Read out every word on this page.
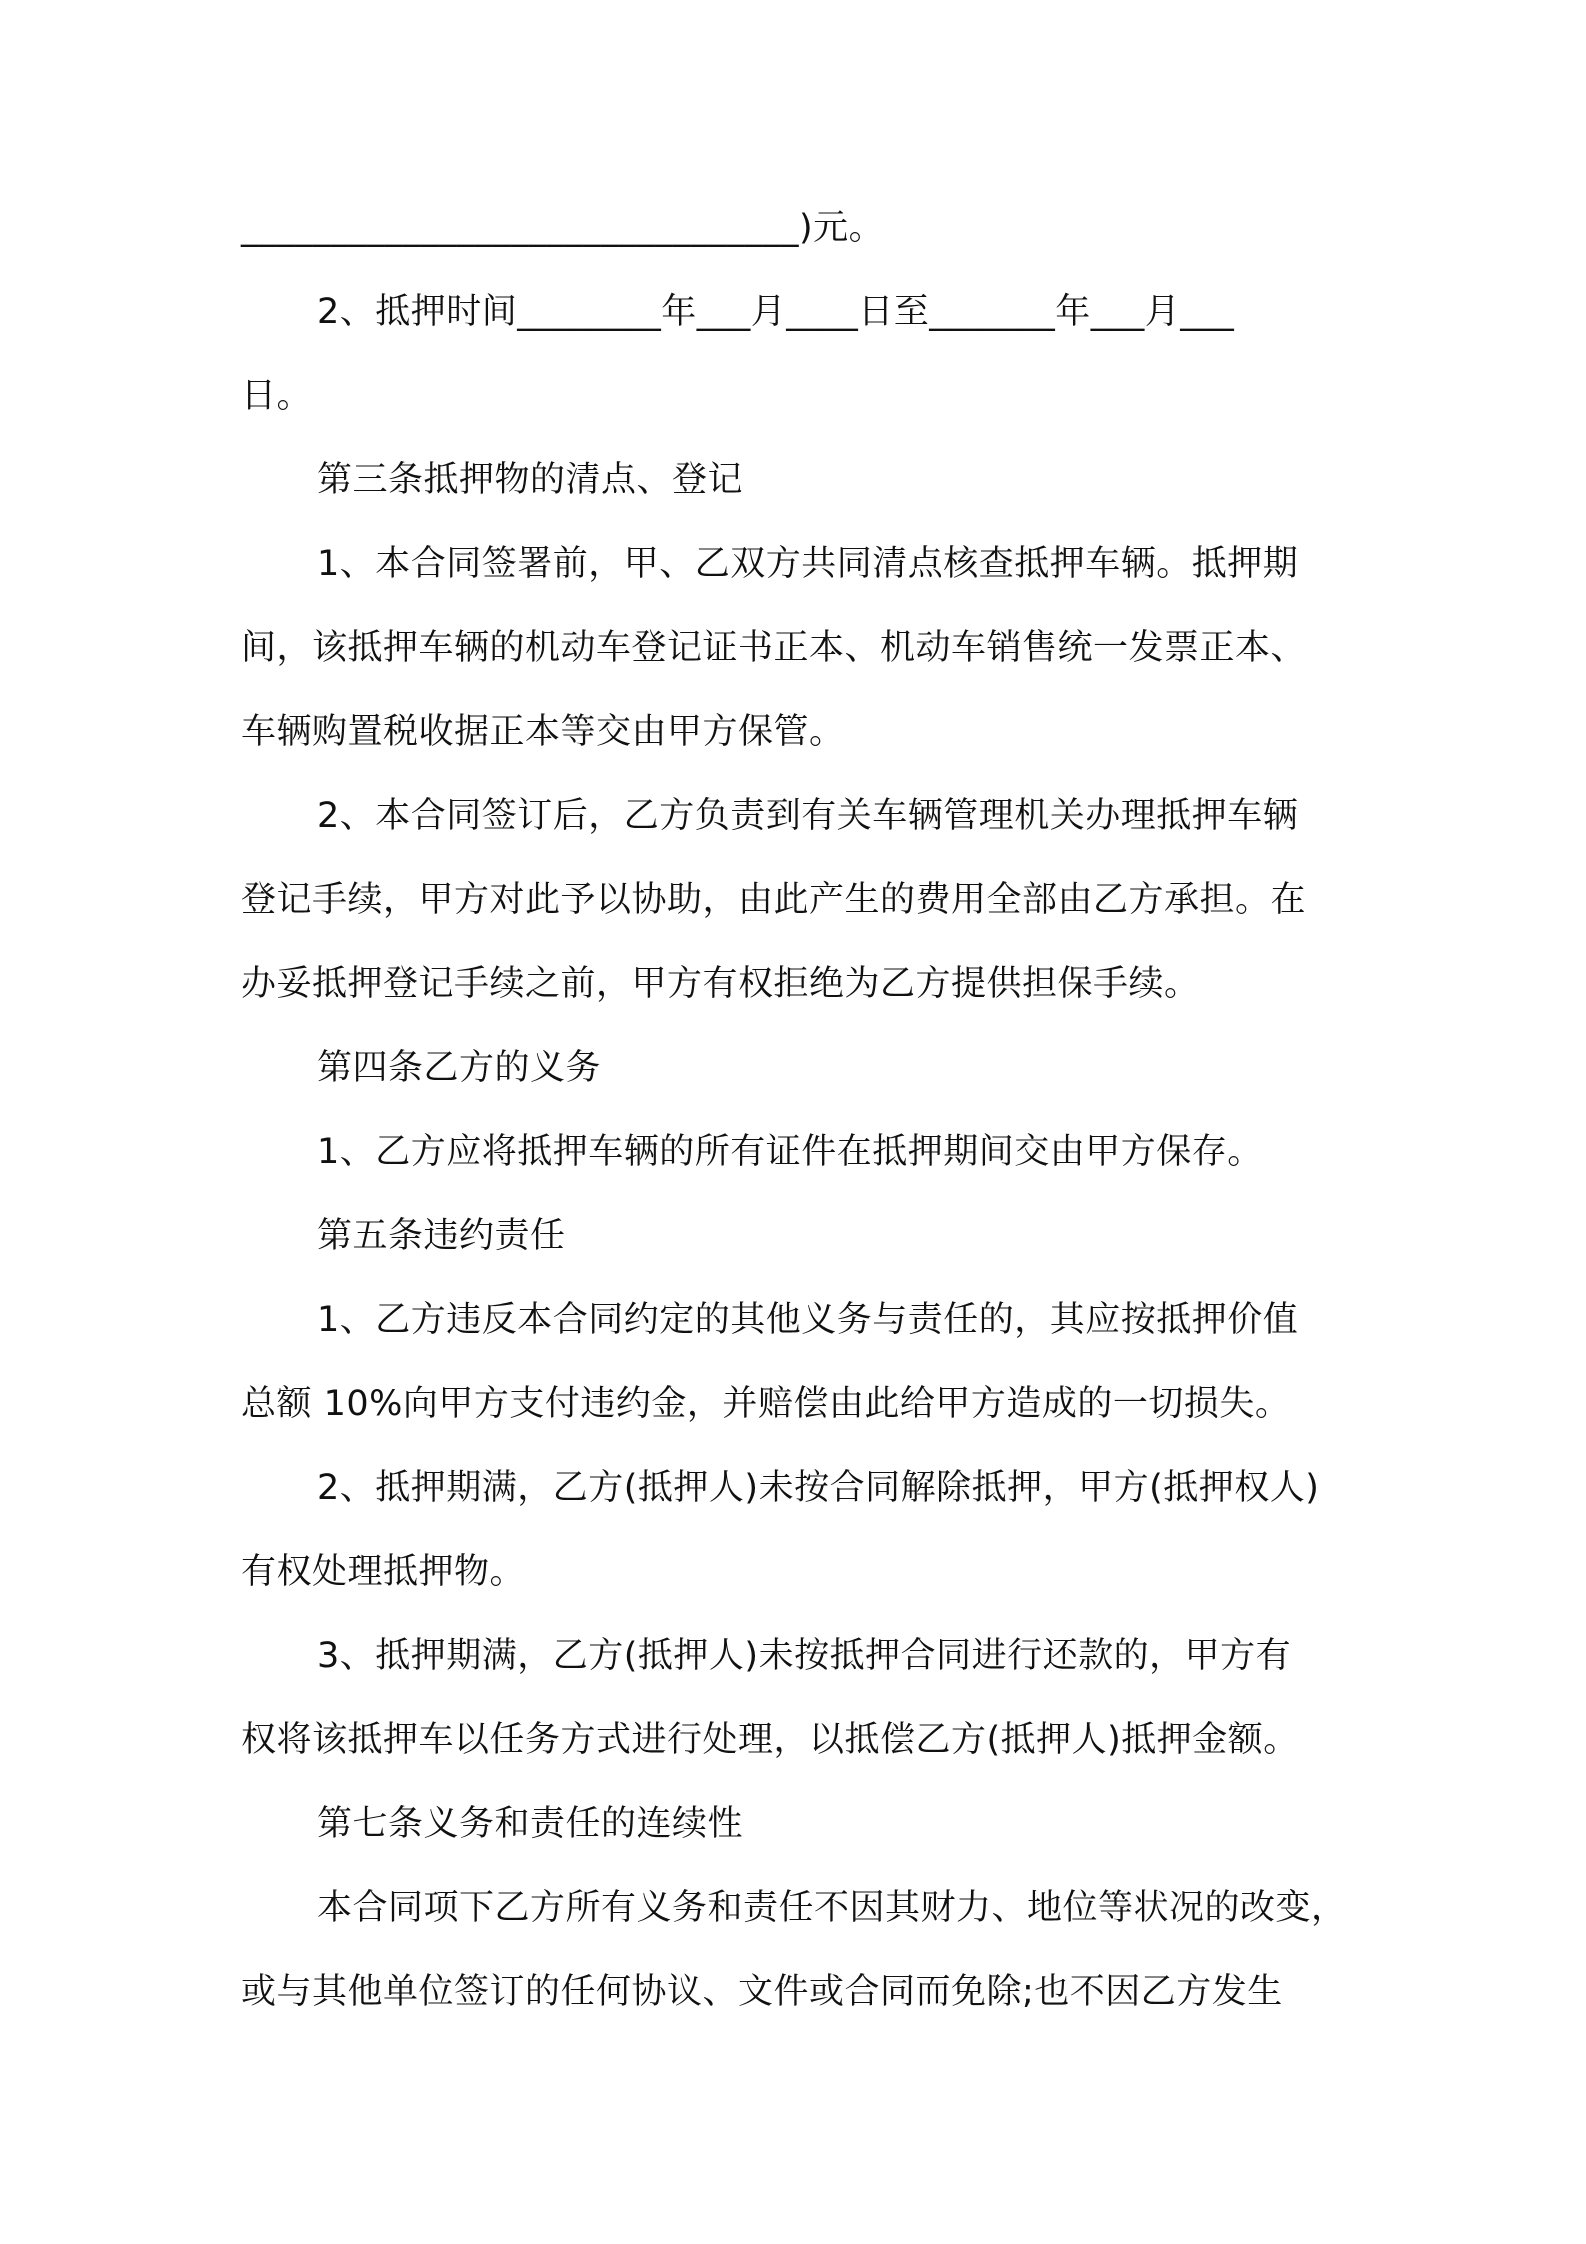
_______________________________)元。
2、抵押时间________年___月____日至_______年___月___
日。
第三条抵押物的清点、登记
1、本合同签署前，甲、乙双方共同清点核查抵押车辆。抵押期
间，该抵押车辆的机动车登记证书正本、机动车销售统一发票正本、
车辆购置税收据正本等交由甲方保管。
2、本合同签订后，乙方负责到有关车辆管理机关办理抵押车辆
登记手续，甲方对此予以协助，由此产生的费用全部由乙方承担。在
办妥抵押登记手续之前，甲方有权拒绝为乙方提供担保手续。
第四条乙方的义务
1、乙方应将抵押车辆的所有证件在抵押期间交由甲方保存。
第五条违约责任
1、乙方违反本合同约定的其他义务与责任的，其应按抵押价值
总额 10%向甲方支付违约金，并赔偿由此给甲方造成的一切损失。
2、抵押期满，乙方(抵押人)未按合同解除抵押，甲方(抵押权人)
有权处理抵押物。
3、抵押期满，乙方(抵押人)未按抵押合同进行还款的，甲方有
权将该抵押车以任务方式进行处理，以抵偿乙方(抵押人)抵押金额。
第七条义务和责任的连续性
本合同项下乙方所有义务和责任不因其财力、地位等状况的改变，
或与其他单位签订的任何协议、文件或合同而免除;也不因乙方发生
